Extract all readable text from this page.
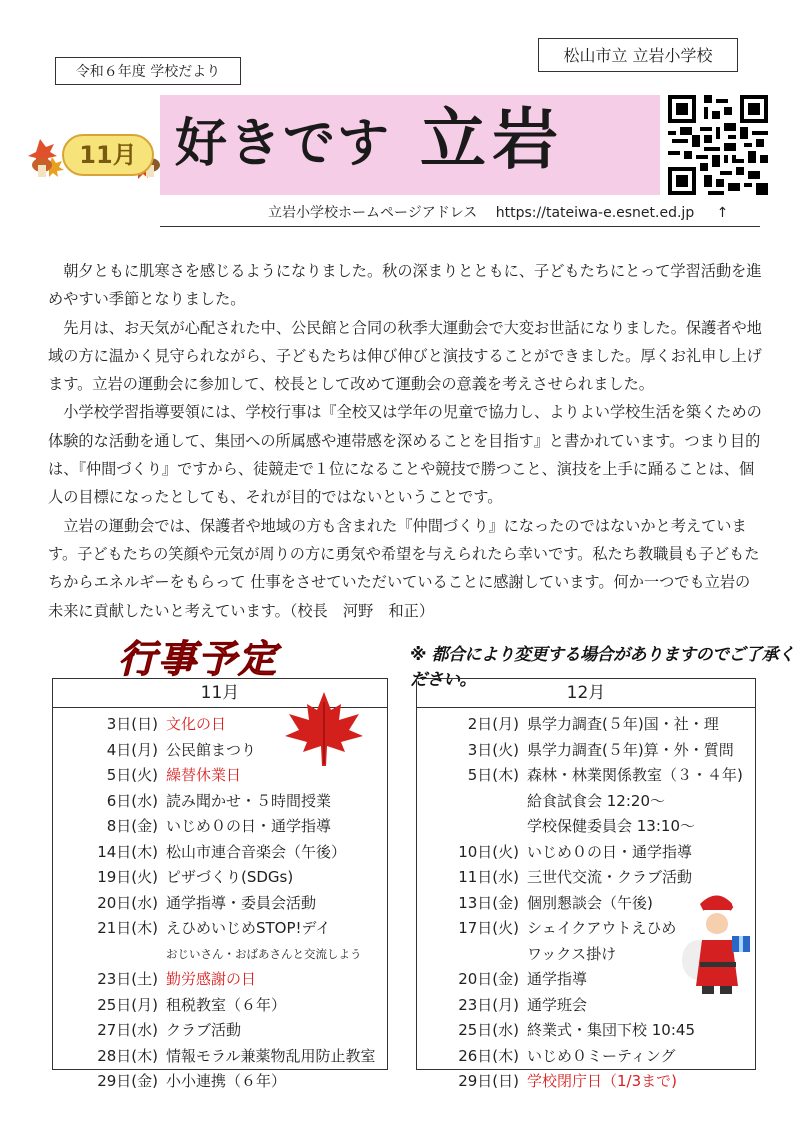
令和６年度 学校だより
松山市立 立岩小学校
11月 好きです 立岩
立岩小学校ホームページアドレス https://tateiwa-e.esnet.ed.jp ↑

朝夕ともに肌寒さを感じるようになりました。秋の深まりとともに、子どもたちにとって学習活動を進めやすい季節となりました。

先月は、お天気が心配された中、公民館と合同の秋季大運動会で大変お世話になりました。保護者や地域の方に温かく見守られながら、子どもたちは伸び伸びと演技することができました。厚くお礼申し上げます。立岩の運動会に参加して、校長として改めて運動会の意義を考えさせられました。

小学校学習指導要領には、学校行事は『全校又は学年の児童で協力し、よりよい学校生活を築くための体験的な活動を通して、集団への所属感や連帯感を深めることを目指す』と書かれています。つまり目的は、『仲間づくり』ですから、徒競走で１位になることや競技で勝つこと、演技を上手に踊ることは、個人の目標になったとしても、それが目的ではないということです。

立岩の運動会では、保護者や地域の方も含まれた『仲間づくり』になったのではないかと考えています。子どもたちの笑顔や元気が周りの方に勇気や希望を与えられたら幸いです。私たち教職員も子どもたちからエネルギーをもらって 仕事をさせていただいていることに感謝しています。何か一つでも立岩の未来に貢献したいと考えています。（校長　河野　和正）

行事予定	※ 都合により変更する場合がありますのでご了承ください。
11月
3日(日) 文化の日
4日(月) 公民館まつり
5日(火) 繰替休業日
6日(水) 読み聞かせ・５時間授業
8日(金) いじめ０の日・通学指導
14日(木) 松山市連合音楽会（午後）
19日(火) ピザづくり(SDGs)
20日(水) 通学指導・委員会活動
21日(木) えひめいじめSTOP!デイ
おじいさん・おばあさんと交流しよう
23日(土) 勤労感謝の日
25日(月) 租税教室（６年）
27日(水) クラブ活動
28日(木) 情報モラル兼薬物乱用防止教室
29日(金) 小小連携（６年）
12月
2日(月) 県学力調査(５年)国・社・理
3日(火) 県学力調査(５年)算・外・質問
5日(木) 森林・林業関係教室（３・４年)
給食試食会 12:20～
学校保健委員会 13:10～
10日(火) いじめ０の日・通学指導
11日(水) 三世代交流・クラブ活動
13日(金) 個別懇談会（午後)
17日(火) シェイクアウトえひめ
ワックス掛け
20日(金) 通学指導
23日(月) 通学班会
25日(水) 終業式・集団下校 10:45
26日(木) いじめ０ミーティング
29日(日) 学校閉庁日（1/3まで)
